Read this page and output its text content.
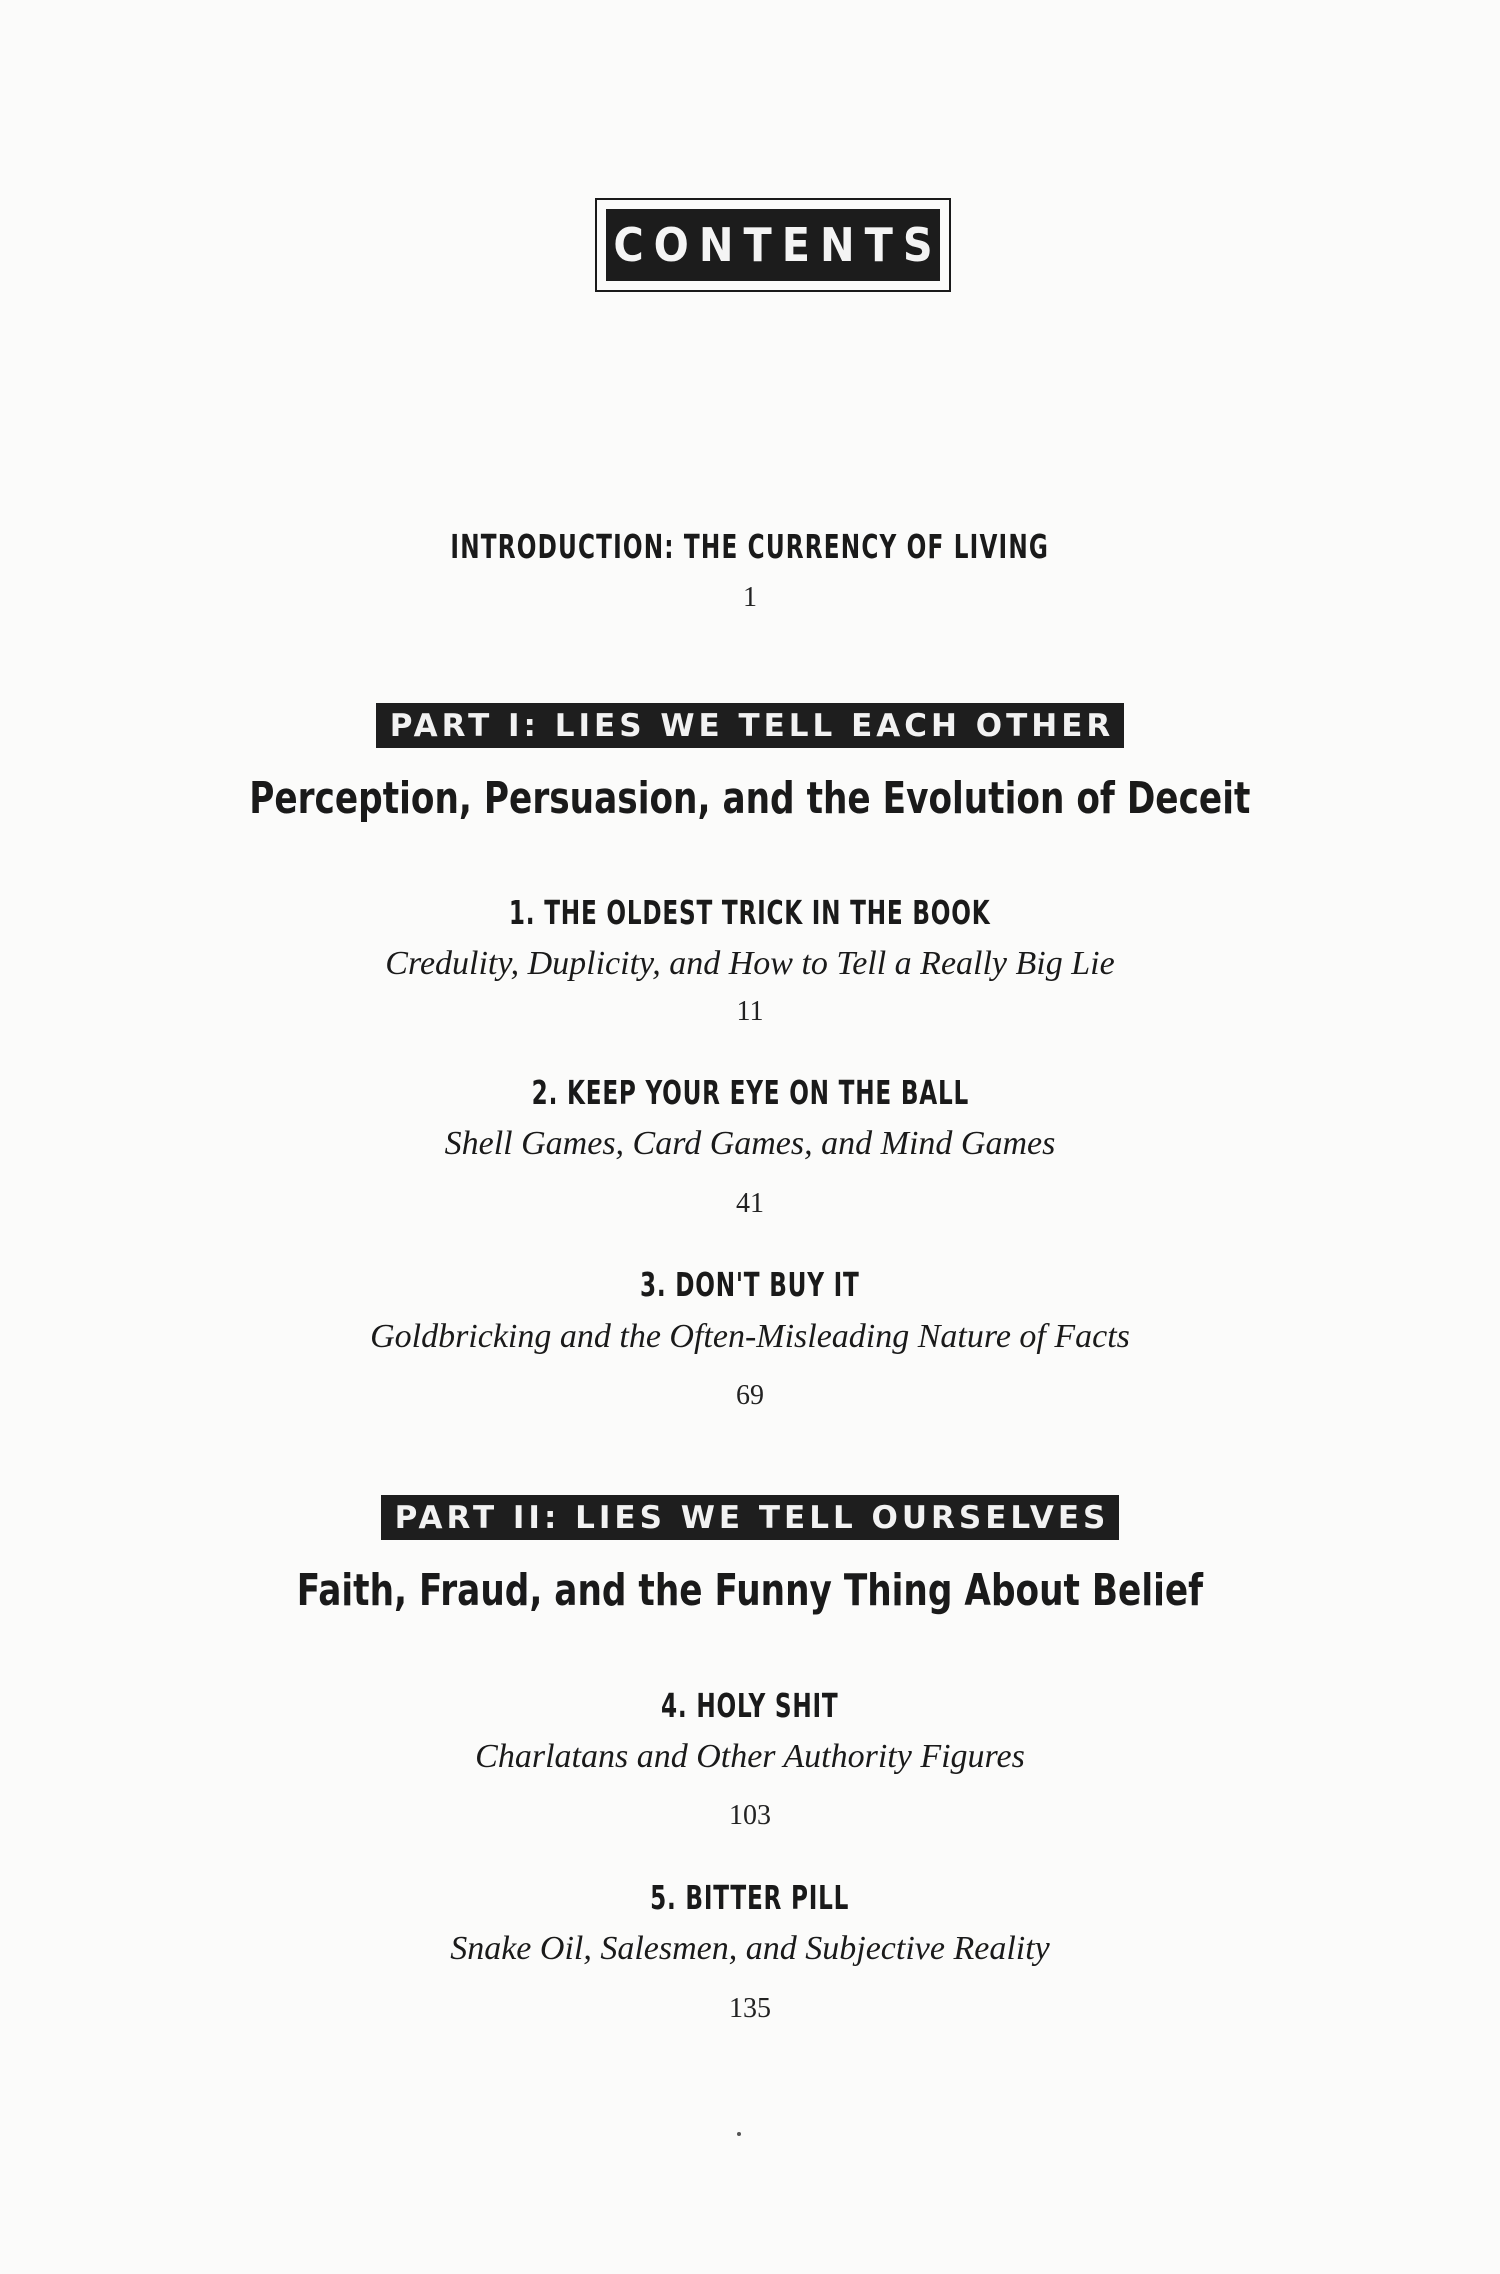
CONTENTS
INTRODUCTION: THE CURRENCY OF LIVING
1
PART I: LIES WE TELL EACH OTHER
Perception, Persuasion, and the Evolution of Deceit
1. THE OLDEST TRICK IN THE BOOK
Credulity, Duplicity, and How to Tell a Really Big Lie
11
2. KEEP YOUR EYE ON THE BALL
Shell Games, Card Games, and Mind Games
41
3. DON'T BUY IT
Goldbricking and the Often-Misleading Nature of Facts
69
PART II: LIES WE TELL OURSELVES
Faith, Fraud, and the Funny Thing About Belief
4. HOLY SHIT
Charlatans and Other Authority Figures
103
5. BITTER PILL
Snake Oil, Salesmen, and Subjective Reality
135
